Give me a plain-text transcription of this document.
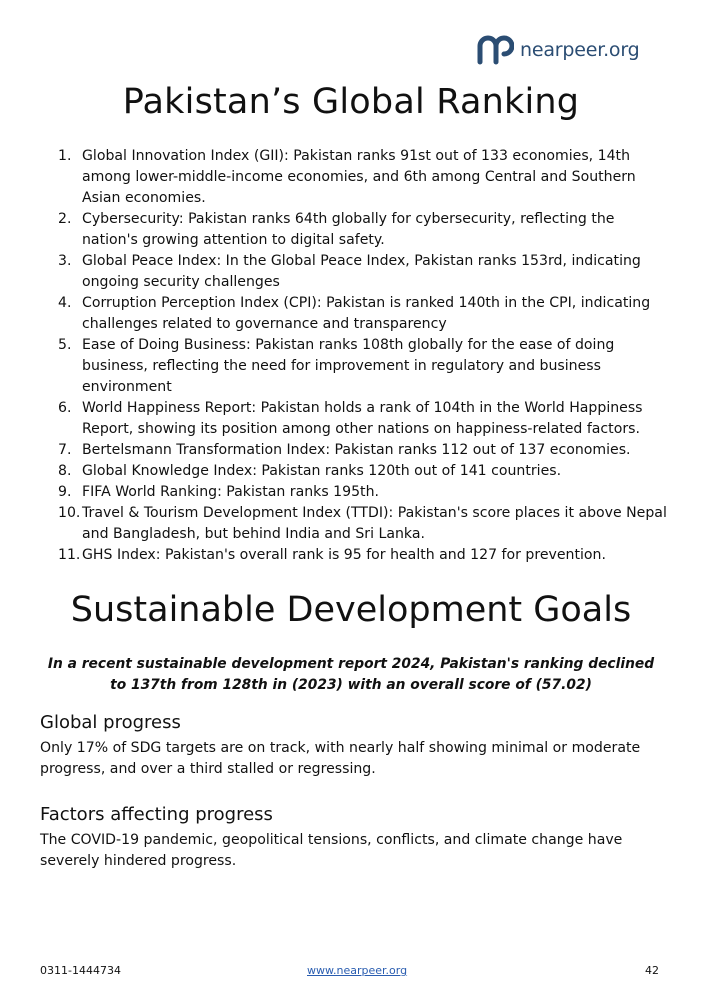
nearpeer.org
Pakistan’s Global Ranking
1. Global Innovation Index (GII): Pakistan ranks 91st out of 133 economies, 14th among lower-middle-income economies, and 6th among Central and Southern Asian economies.
2. Cybersecurity: Pakistan ranks 64th globally for cybersecurity, reflecting the nation's growing attention to digital safety.
3. Global Peace Index: In the Global Peace Index, Pakistan ranks 153rd, indicating ongoing security challenges
4. Corruption Perception Index (CPI): Pakistan is ranked 140th in the CPI, indicating challenges related to governance and transparency
5. Ease of Doing Business: Pakistan ranks 108th globally for the ease of doing business, reflecting the need for improvement in regulatory and business environment
6. World Happiness Report: Pakistan holds a rank of 104th in the World Happiness Report, showing its position among other nations on happiness-related factors.
7. Bertelsmann Transformation Index: Pakistan ranks 112 out of 137 economies.
8. Global Knowledge Index: Pakistan ranks 120th out of 141 countries.
9. FIFA World Ranking: Pakistan ranks 195th.
10. Travel & Tourism Development Index (TTDI): Pakistan's score places it above Nepal and Bangladesh, but behind India and Sri Lanka.
11. GHS Index: Pakistan's overall rank is 95 for health and 127 for prevention.
Sustainable Development Goals

In a recent sustainable development report 2024, Pakistan's ranking declined to 137th from 128th in (2023) with an overall score of (57.02)

Global progress

Only 17% of SDG targets are on track, with nearly half showing minimal or moderate progress, and over a third stalled or regressing.

Factors affecting progress

The COVID-19 pandemic, geopolitical tensions, conflicts, and climate change have severely hindered progress.

0311-1444734	www.nearpeer.org	42
